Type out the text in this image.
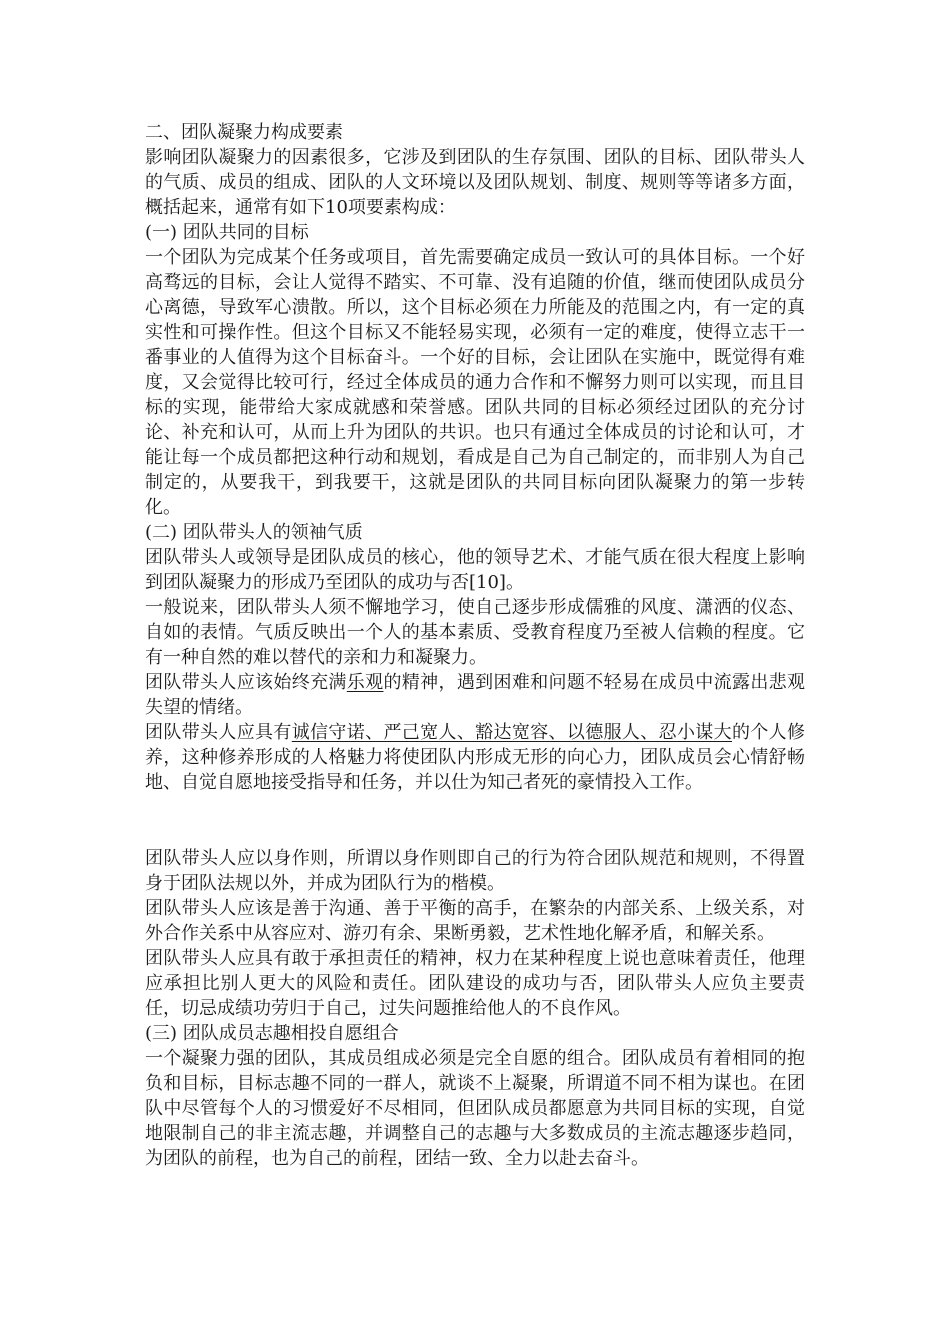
二、团队凝聚力构成要素

影响团队凝聚力的因素很多，它涉及到团队的生存氛围、团队的目标、团队带头人的气质、成员的组成、团队的人文环境以及团队规划、制度、规则等等诸多方面，概括起来，通常有如下10项要素构成：

(一) 团队共同的目标

一个团队为完成某个任务或项目，首先需要确定成员一致认可的具体目标。一个好高骛远的目标，会让人觉得不踏实、不可靠、没有追随的价值，继而使团队成员分心离德，导致军心溃散。所以，这个目标必须在力所能及的范围之内，有一定的真实性和可操作性。但这个目标又不能轻易实现，必须有一定的难度，使得立志干一番事业的人值得为这个目标奋斗。一个好的目标，会让团队在实施中，既觉得有难度，又会觉得比较可行，经过全体成员的通力合作和不懈努力则可以实现，而且目标的实现，能带给大家成就感和荣誉感。团队共同的目标必须经过团队的充分讨论、补充和认可，从而上升为团队的共识。也只有通过全体成员的讨论和认可，才能让每一个成员都把这种行动和规划，看成是自己为自己制定的，而非别人为自己制定的，从要我干，到我要干，这就是团队的共同目标向团队凝聚力的第一步转化。

(二) 团队带头人的领袖气质

团队带头人或领导是团队成员的核心，他的领导艺术、才能气质在很大程度上影响到团队凝聚力的形成乃至团队的成功与否[10]。

一般说来，团队带头人须不懈地学习，使自己逐步形成儒雅的风度、潇洒的仪态、自如的表情。气质反映出一个人的基本素质、受教育程度乃至被人信赖的程度。它有一种自然的难以替代的亲和力和凝聚力。

团队带头人应该始终充满乐观的精神，遇到困难和问题不轻易在成员中流露出悲观失望的情绪。

团队带头人应具有诚信守诺、严己宽人、豁达宽容、以德服人、忍小谋大的个人修养，这种修养形成的人格魅力将使团队内形成无形的向心力，团队成员会心情舒畅地、自觉自愿地接受指导和任务，并以仕为知己者死的豪情投入工作。

团队带头人应以身作则，所谓以身作则即自己的行为符合团队规范和规则，不得置身于团队法规以外，并成为团队行为的楷模。

团队带头人应该是善于沟通、善于平衡的高手，在繁杂的内部关系、上级关系，对外合作关系中从容应对、游刃有余、果断勇毅，艺术性地化解矛盾，和解关系。

团队带头人应具有敢于承担责任的精神，权力在某种程度上说也意味着责任，他理应承担比别人更大的风险和责任。团队建设的成功与否，团队带头人应负主要责任，切忌成绩功劳归于自己，过失问题推给他人的不良作风。

(三) 团队成员志趣相投自愿组合

一个凝聚力强的团队，其成员组成必须是完全自愿的组合。团队成员有着相同的抱负和目标，目标志趣不同的一群人，就谈不上凝聚，所谓道不同不相为谋也。在团队中尽管每个人的习惯爱好不尽相同，但团队成员都愿意为共同目标的实现，自觉地限制自己的非主流志趣，并调整自己的志趣与大多数成员的主流志趣逐步趋同，为团队的前程，也为自己的前程，团结一致、全力以赴去奋斗。
